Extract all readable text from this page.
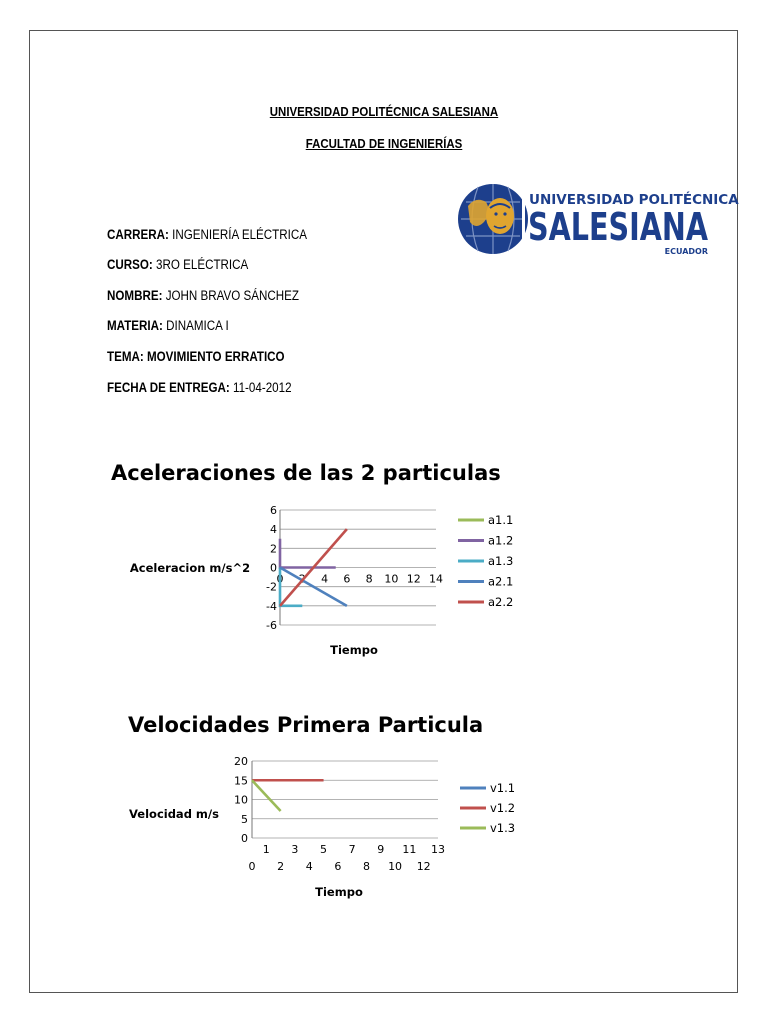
UNIVERSIDAD POLITÉCNICA SALESIANA
FACULTAD DE INGENIERÍAS
UNIVERSIDAD POLITÉCNICA
SALESIANA
ECUADOR
CARRERA: INGENIERÍA ELÉCTRICA
CURSO: 3RO ELÉCTRICA
NOMBRE: JOHN BRAVO SÁNCHEZ
MATERIA: DINAMICA I
TEMA: MOVIMIENTO ERRATICO
FECHA DE ENTREGA: 11-04-2012
Aceleraciones de las 2 particulas
Velocidades Primera Particula
6
4
2
0
-2
-4
-6
0 2 4 6 8 10 12 14
Aceleracion m/s^2
Tiempo
a1.1
a1.2
a1.3
a2.1
a2.2
20
15
10
5
0
1 3 5 7 9 11 13
0 2 4 6 8 10 12
Velocidad m/s
Tiempo
v1.1
v1.2
v1.3
